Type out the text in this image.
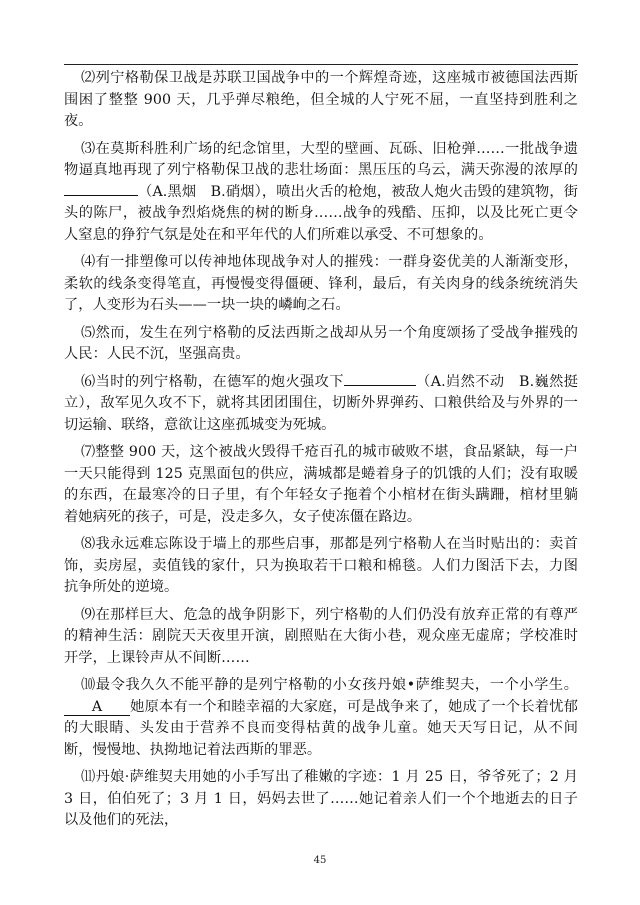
⑵列宁格勒保卫战是苏联卫国战争中的一个辉煌奇迹，这座城市被德国法西斯围困了整整 900 天，几乎弹尽粮绝，但全城的人宁死不屈，一直坚持到胜利之夜。

⑶在莫斯科胜利广场的纪念馆里，大型的壁画、瓦砾、旧枪弹……一批战争遗物逼真地再现了列宁格勒保卫战的悲壮场面：黑压压的乌云，满天弥漫的浓厚的（A.黑烟　B.硝烟），喷出火舌的枪炮，被敌人炮火击毁的建筑物，街头的陈尸，被战争烈焰烧焦的树的断身……战争的残酷、压抑，以及比死亡更令人窒息的狰狞气氛是处在和平年代的人们所难以承受、不可想象的。

⑷有一排塑像可以传神地体现战争对人的摧残：一群身姿优美的人渐渐变形，柔软的线条变得笔直，再慢慢变得僵硬、锋利，最后，有关肉身的线条统统消失了，人变形为石头——一块一块的嶙峋之石。

⑸然而，发生在列宁格勒的反法西斯之战却从另一个角度颂扬了受战争摧残的人民：人民不沉，坚强高贵。

⑹当时的列宁格勒，在德军的炮火强攻下	（A.岿然不动　B.巍然挺立），敌军见久攻不下，就将其团团围住，切断外界弹药、口粮供给及与外界的一切运输、联络，意欲让这座孤城变为死城。

⑺整整 900 天，这个被战火毁得千疮百孔的城市破败不堪，食品紧缺，每一户一天只能得到 125 克黑面包的供应，满城都是蜷着身子的饥饿的人们；没有取暖的东西，在最寒冷的日子里，有个年轻女子拖着个小棺材在街头蹒跚，棺材里躺着她病死的孩子，可是，没走多久，女子使冻僵在路边。

⑻我永远难忘陈设于墙上的那些启事，那都是列宁格勒人在当时贴出的：卖首饰，卖房屋，卖值钱的家什，只为换取若干口粮和棉毯。人们力图活下去，力图抗争所处的逆境。

⑼在那样巨大、危急的战争阴影下，列宁格勒的人们仍没有放弃正常的有尊严的精神生活：剧院天天夜里开演，剧照贴在大街小巷，观众座无虚席；学校准时开学，上课铃声从不间断……

⑽最令我久久不能平静的是列宁格勒的小女孩丹娘•萨维契夫，一个小学生。A 她原本有一个和睦幸福的大家庭，可是战争来了，她成了一个长着忧郁的大眼睛、头发由于营养不良而变得枯黄的战争儿童。她天天写日记，从不间断，慢慢地、执拗地记着法西斯的罪恶。

⑾丹娘·萨维契夫用她的小手写出了稚嫩的字迹：1 月 25 日，爷爷死了；2 月 3 日，伯伯死了；3 月 1 日，妈妈去世了……她记着亲人们一个个地逝去的日子以及他们的死法，

45
